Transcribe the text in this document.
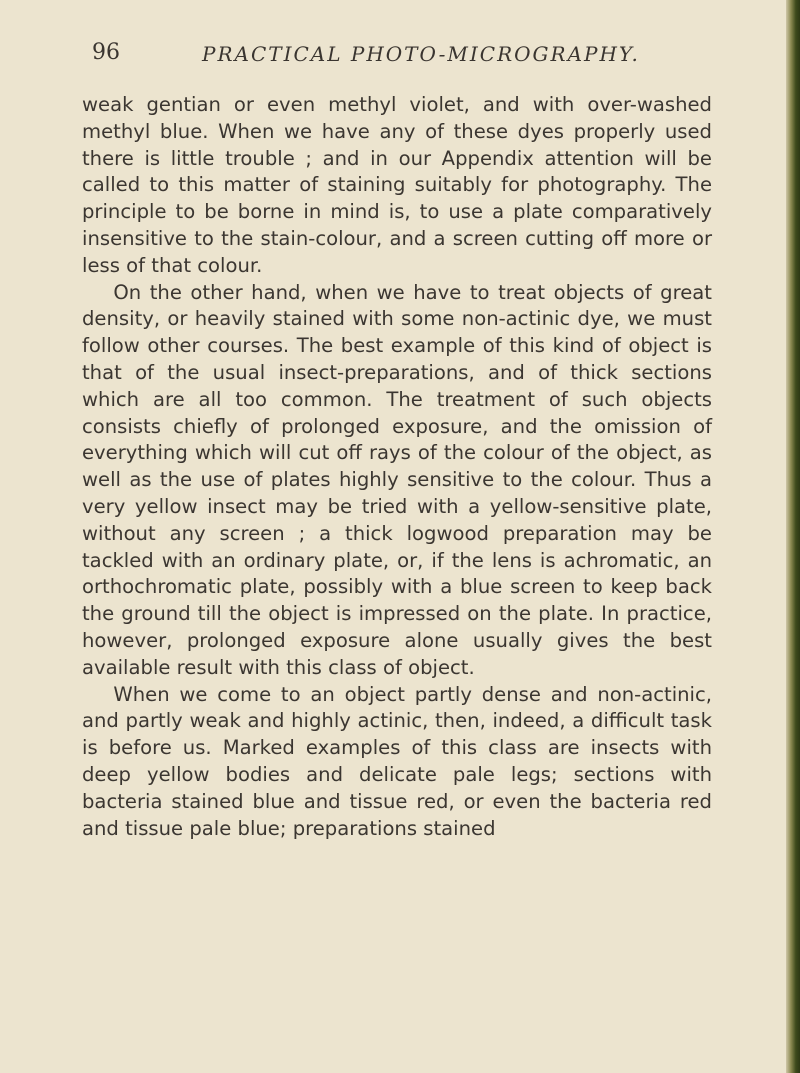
96	PRACTICAL PHOTO-MICROGRAPHY.

weak gentian or even methyl violet, and with over-washed methyl blue. When we have any of these dyes properly used there is little trouble ; and in our Appendix attention will be called to this matter of staining suitably for photography. The principle to be borne in mind is, to use a plate comparatively insensitive to the stain-colour, and a screen cutting off more or less of that colour.

On the other hand, when we have to treat objects of great density, or heavily stained with some non-actinic dye, we must follow other courses. The best example of this kind of object is that of the usual insect-preparations, and of thick sections which are all too common. The treatment of such objects consists chiefly of prolonged exposure, and the omission of everything which will cut off rays of the colour of the object, as well as the use of plates highly sensitive to the colour. Thus a very yellow insect may be tried with a yellow-sensitive plate, without any screen ; a thick logwood preparation may be tackled with an ordinary plate, or, if the lens is achromatic, an orthochromatic plate, possibly with a blue screen to keep back the ground till the object is impressed on the plate. In practice, however, prolonged exposure alone usually gives the best available result with this class of object.

When we come to an object partly dense and non-actinic, and partly weak and highly actinic, then, indeed, a difficult task is before us. Marked examples of this class are insects with deep yellow bodies and delicate pale legs; sections with bacteria stained blue and tissue red, or even the bacteria red and tissue pale blue; preparations stained
